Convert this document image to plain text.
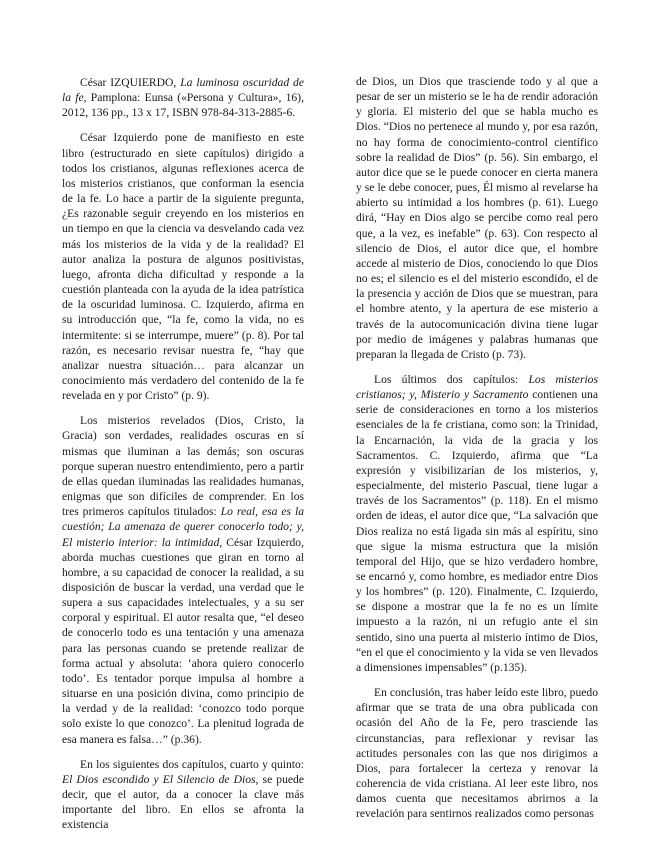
César IZQUIERDO, La luminosa oscuridad de la fe, Pamplona: Eunsa («Persona y Cultura», 16), 2012, 136 pp., 13 x 17, ISBN 978-84-313-2885-6.

César Izquierdo pone de manifiesto en este libro (estructurado en siete capítulos) dirigido a todos los cristianos, algunas reflexiones acerca de los misterios cristianos, que conforman la esencia de la fe. Lo hace a partir de la siguiente pregunta, ¿Es razonable seguir creyendo en los misterios en un tiempo en que la ciencia va desvelando cada vez más los misterios de la vida y de la realidad? El autor analiza la postura de algunos positivistas, luego, afronta dicha dificultad y responde a la cuestión planteada con la ayuda de la idea patrística de la oscuridad luminosa. C. Izquierdo, afirma en su introducción que, “la fe, como la vida, no es intermitente: si se interrumpe, muere” (p. 8). Por tal razón, es necesario revisar nuestra fe, “hay que analizar nuestra situación… para alcanzar un conocimiento más verdadero del contenido de la fe revelada en y por Cristo” (p. 9).

Los misterios revelados (Dios, Cristo, la Gracia) son verdades, realidades oscuras en sí mismas que iluminan a las demás; son oscuras porque superan nuestro entendimiento, pero a partir de ellas quedan iluminadas las realidades humanas, enigmas que son difíciles de comprender. En los tres primeros capítulos titulados: Lo real, esa es la cuestión; La amenaza de querer conocerlo todo; y, El misterio interior: la intimidad, César Izquierdo, aborda muchas cuestiones que giran en torno al hombre, a su capacidad de conocer la realidad, a su disposición de buscar la verdad, una verdad que le supera a sus capacidades intelectuales, y a su ser corporal y espiritual. El autor resalta que, “el deseo de conocerlo todo es una tentación y una amenaza para las personas cuando se pretende realizar de forma actual y absoluta: ‘ahora quiero conocerlo todo’. Es tentador porque impulsa al hombre a situarse en una posición divina, como principio de la verdad y de la realidad: ‘conozco todo porque solo existe lo que conozco’. La plenitud lograda de esa manera es falsa…” (p.36).

En los siguientes dos capítulos, cuarto y quinto: El Dios escondido y El Silencio de Dios, se puede decir, que el autor, da a conocer la clave más importante del libro. En ellos se afronta la existencia

de Dios, un Dios que trasciende todo y al que a pesar de ser un misterio se le ha de rendir adoración y gloria. El misterio del que se habla mucho es Dios. “Dios no pertenece al mundo y, por esa razón, no hay forma de conocimiento-control científico sobre la realidad de Dios” (p. 56). Sin embargo, el autor dice que se le puede conocer en cierta manera y se le debe conocer, pues, Él mismo al revelarse ha abierto su intimidad a los hombres (p. 61). Luego dirá, “Hay en Dios algo se percibe como real pero que, a la vez, es inefable” (p. 63). Con respecto al silencio de Dios, el autor dice que, el hombre accede al misterio de Dios, conociendo lo que Dios no es; el silencio es el del misterio escondido, el de la presencia y acción de Dios que se muestran, para el hombre atento, y la apertura de ese misterio a través de la autocomunicación divina tiene lugar por medio de imágenes y palabras humanas que preparan la llegada de Cristo (p. 73).

Los últimos dos capítulos: Los misterios cristianos; y, Misterio y Sacramento contienen una serie de consideraciones en torno a los misterios esenciales de la fe cristiana, como son: la Trinidad, la Encarnación, la vida de la gracia y los Sacramentos. C. Izquierdo, afirma que “La expresión y visibilizarían de los misterios, y, especialmente, del misterio Pascual, tiene lugar a través de los Sacramentos” (p. 118). En el mismo orden de ideas, el autor dice que, “La salvación que Dios realiza no está ligada sin más al espíritu, sino que sigue la misma estructura que la misión temporal del Hijo, que se hizo verdadero hombre, se encarnó y, como hombre, es mediador entre Dios y los hombres” (p. 120). Finalmente, C. Izquierdo, se dispone a mostrar que la fe no es un límite impuesto a la razón, ni un refugio ante el sin sentido, sino una puerta al misterio íntimo de Dios, “en el que el conocimiento y la vida se ven llevados a dimensiones impensables” (p.135).

En conclusión, tras haber leído este libro, puedo afirmar que se trata de una obra publicada con ocasión del Año de la Fe, pero trasciende las circunstancias, para reflexionar y revisar las actitudes personales con las que nos dirigimos a Dios, para fortalecer la certeza y renovar la coherencia de vida cristiana. Al leer este libro, nos damos cuenta que necesitamos abrirnos a la revelación para sentirnos realizados como personas
